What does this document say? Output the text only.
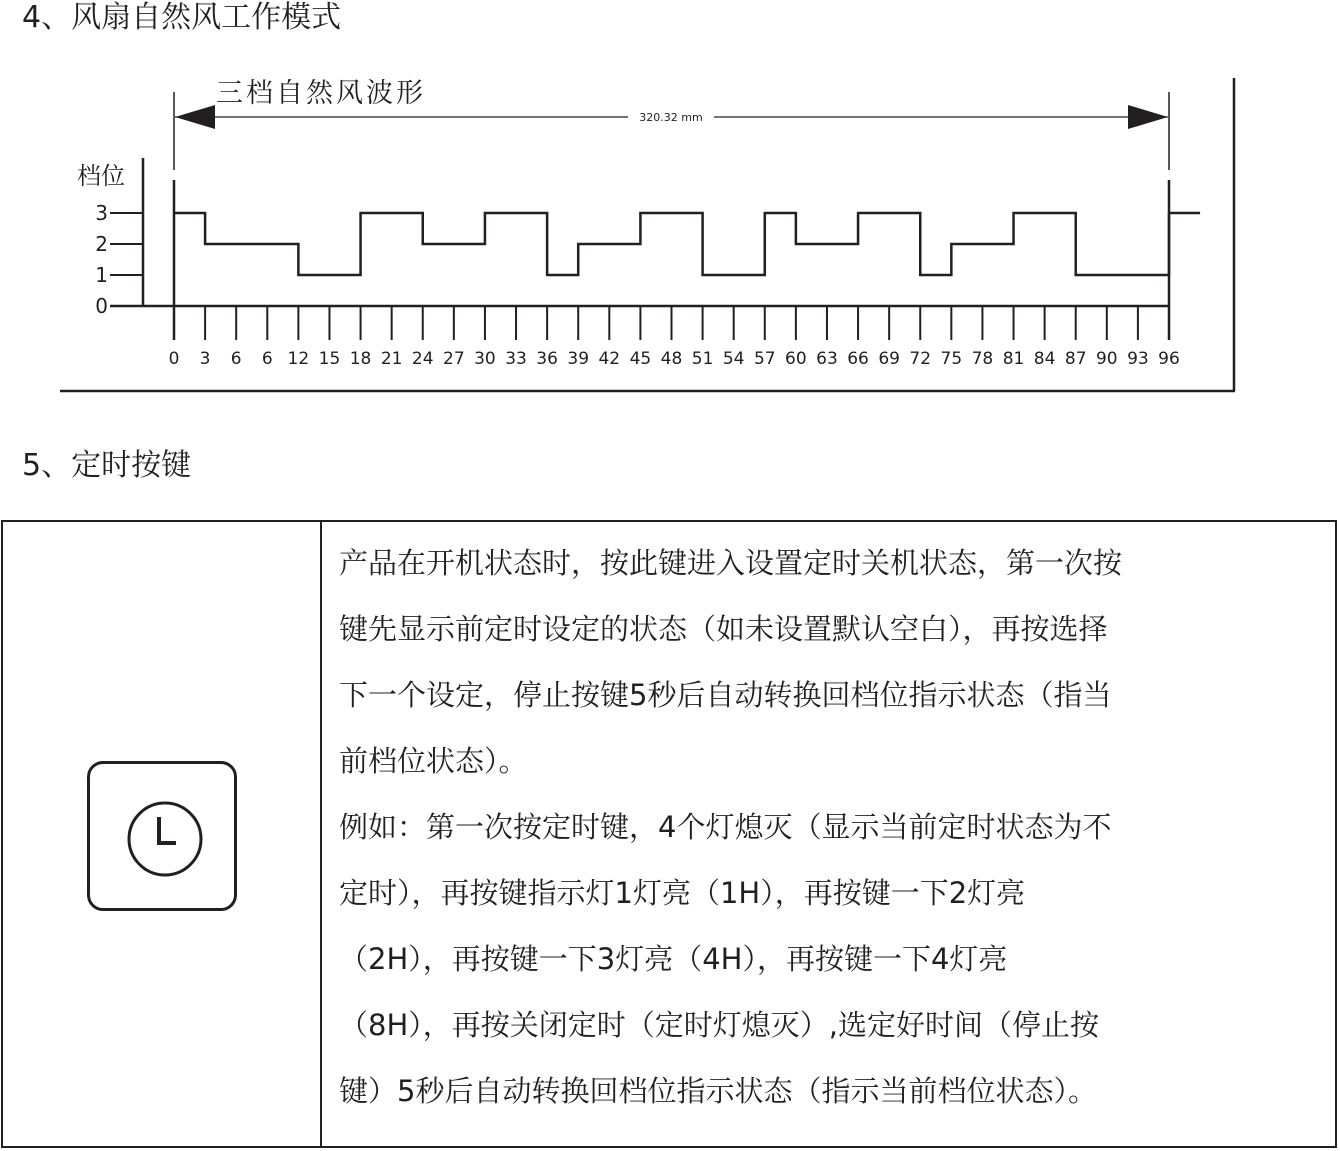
4、风扇自然风工作模式
三档自然风波形
320.32 mm
档位
0
1
2
3
0 3 6 6 12 15 18 21 24 27 30 33 36 39 42 45 48 51 54 57 60 63 66 69 72 75 78 81 84 87 90 93 96
5、定时按键

产品在开机状态时，按此键进入设置定时关机状态，第一次按

键先显示前定时设定的状态（如未设置默认空白），再按选择

下一个设定，停止按键5秒后自动转换回档位指示状态（指当

前档位状态）。

例如：第一次按定时键，4个灯熄灭（显示当前定时状态为不

定时），再按键指示灯1灯亮（1H），再按键一下2灯亮

（2H），再按键一下3灯亮（4H），再按键一下4灯亮

（8H），再按关闭定时（定时灯熄灭）,选定好时间（停止按

键）5秒后自动转换回档位指示状态（指示当前档位状态）。
